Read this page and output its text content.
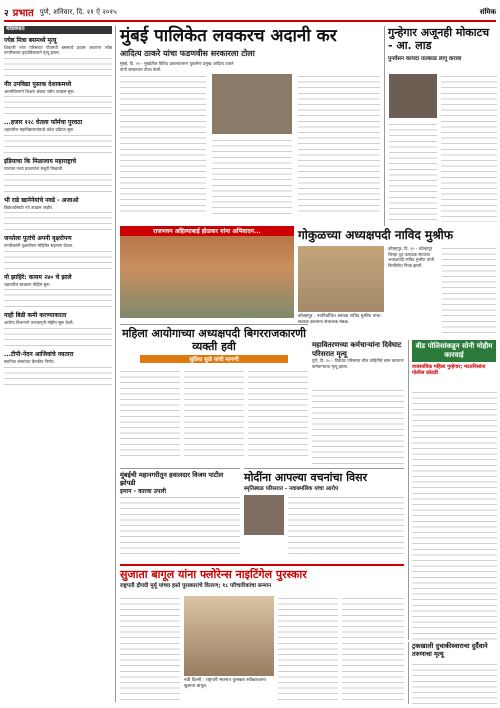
२ प्रभात पुणे, शनिवार, दि. २१ ऐ २०१५	संमिक
थोडक्यात
ज्येष्ठ मित्रा बसमध्ये मृत्यू
शिवाजी नगर परिसरात पीएमपी बसमध्ये प्रवास करताना ज्येष्ठ नागरिकाचा हृदयविकाराने मृत्यू झाला.
नीर उपविद्या पुस्तक देशाकमध्ये
आत्मचिंतनाने शिक्षण क्षेत्रात नवीन उपक्रम सुरू.
...हजार १२८ घेतला फॉर्मचा पुरवठा
शहरातील महाविद्यालयांमध्ये प्रवेश प्रक्रिया सुरू.
इंडियाचा कि मिळालाय महाराष्ट्राचे
राज्यात नव्या प्रकल्पांना मंजुरी मिळाली.
भी राडे खानेनेयांचे नवडे - अजाओ
विद्यार्थ्यांसाठी नवे उपक्रम जाहीर.
जनतेला पुतांचे अपनी वृक्षरोपण
नागरिकांनी वृक्षारोपण मोहिमेत सहभाग घेतला.
नो झाहिरे: कायम २४० चे झाले
शहरातील स्वच्छता मोहीम सुरू.
नाही बिडी कमी करण्याकरता
आरोग्य विभागाने जनजागृती मोहीम सुरू केली.
...टीपी-नेदन आजिवांचे नवतारा
स्थानिक संस्थांच्या बैठकीत निर्णय.
मुंबई पालिकेत लवकरच अदानी कर
आदित्य ठाकरे यांचा फडणवीस सरकारला टोला
मुंबई, दि. २० - मुंबईतील विविध प्रकल्पांवरून युवासेना प्रमुख आदित्य ठाकरे यांनी सरकारवर टीका केली.
राजभवन अहिल्याबाई होळकर यांना अभिवादन...
गुन्हेगार अजूनही मोकाटच - आ. लाड
पुनर्वसन कायदा तात्काळ लागू करावा
गोकुळच्या अध्यक्षपदी नाविद मुश्रीफ
कोल्हापूर : नवनिर्वाचित अध्यक्ष नाविद मुश्रीफ यांचा सत्कार करताना संचालक मंडळ.
कोल्हापूर, दि. २० - कोल्हापूर जिल्हा दूध उत्पादक संघाच्या अध्यक्षपदी नाविद मुश्रीफ यांची बिनविरोध निवड झाली.
महिला आयोगाच्या अध्यक्षपदी बिगरराजकारणी व्यक्ती हवी
सुप्रिया सुळे यांची मागणी
महावितरणच्या कर्मचाऱ्यांना दिवेघाट परिसरात मृत्यू
पुणे, दि. २० - दिवेघाट परिसरात वीज वाहिनीचे काम करताना कर्मचाऱ्याचा मृत्यू झाला.
बीड पोलिसांकडून सोनी मोहीम कारवाई
व्यवसायिक महिला गुन्हेगार; मदतनिसांना पोलीस कोठडी
मुंबईची महानगरीतून हवालदार विजय पाटील झोपडी
इमान - कारवा उपली
मोदींना आपल्या वचनांचा विसर
स्मृतिस्थळ परिसरात - नवाबमलिक यांचा आरोप
सुजाता बागूल यांना फ्लोरेन्स नाइटिंगेल पुरस्कार
राष्ट्रपती द्रौपदी मुर्मू यांच्या हस्ते पुरस्कारांचे वितरण; १८ परिचारिकांचा सन्मान
नवी दिल्ली : राष्ट्रपती भवनात पुरस्कार स्वीकारताना सुजाता बागूल.
ट्रकखाली दुचाकीस्वाराचा दुर्दैवाने तरुणाचा मृत्यू
